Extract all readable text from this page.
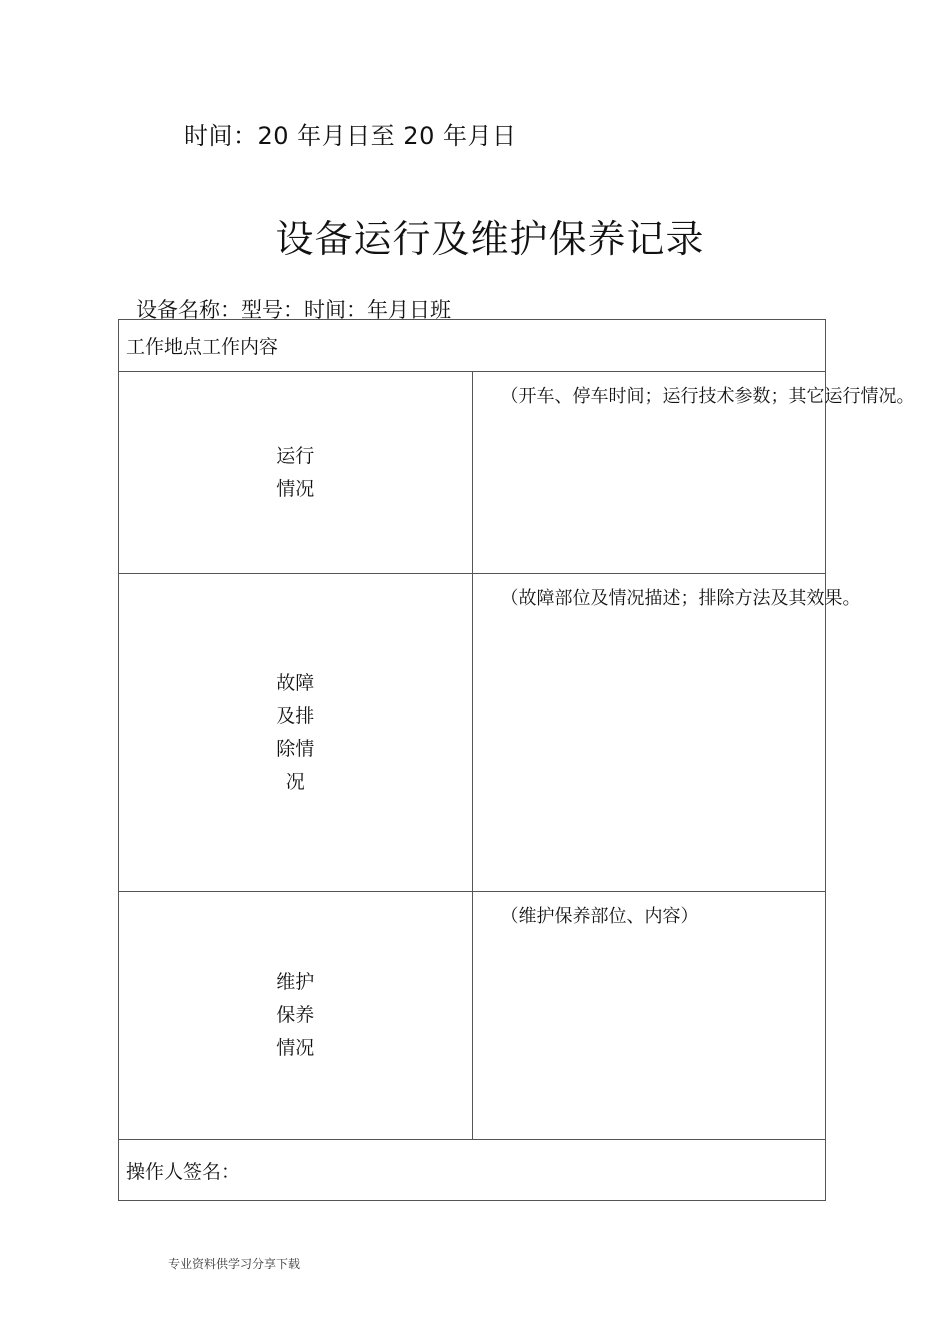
时间：20 年月日至 20 年月日
设备运行及维护保养记录
设备名称：型号：时间：年月日班
工作地点工作内容	
运行情况	（开车、停车时间；运行技术参数；其它运行情况。

故障及排除情况	（故障部位及情况描述；排除方法及其效果。

维护保养情况	（维护保养部位、内容）

操作人签名：	
专业资料供学习分享下载
